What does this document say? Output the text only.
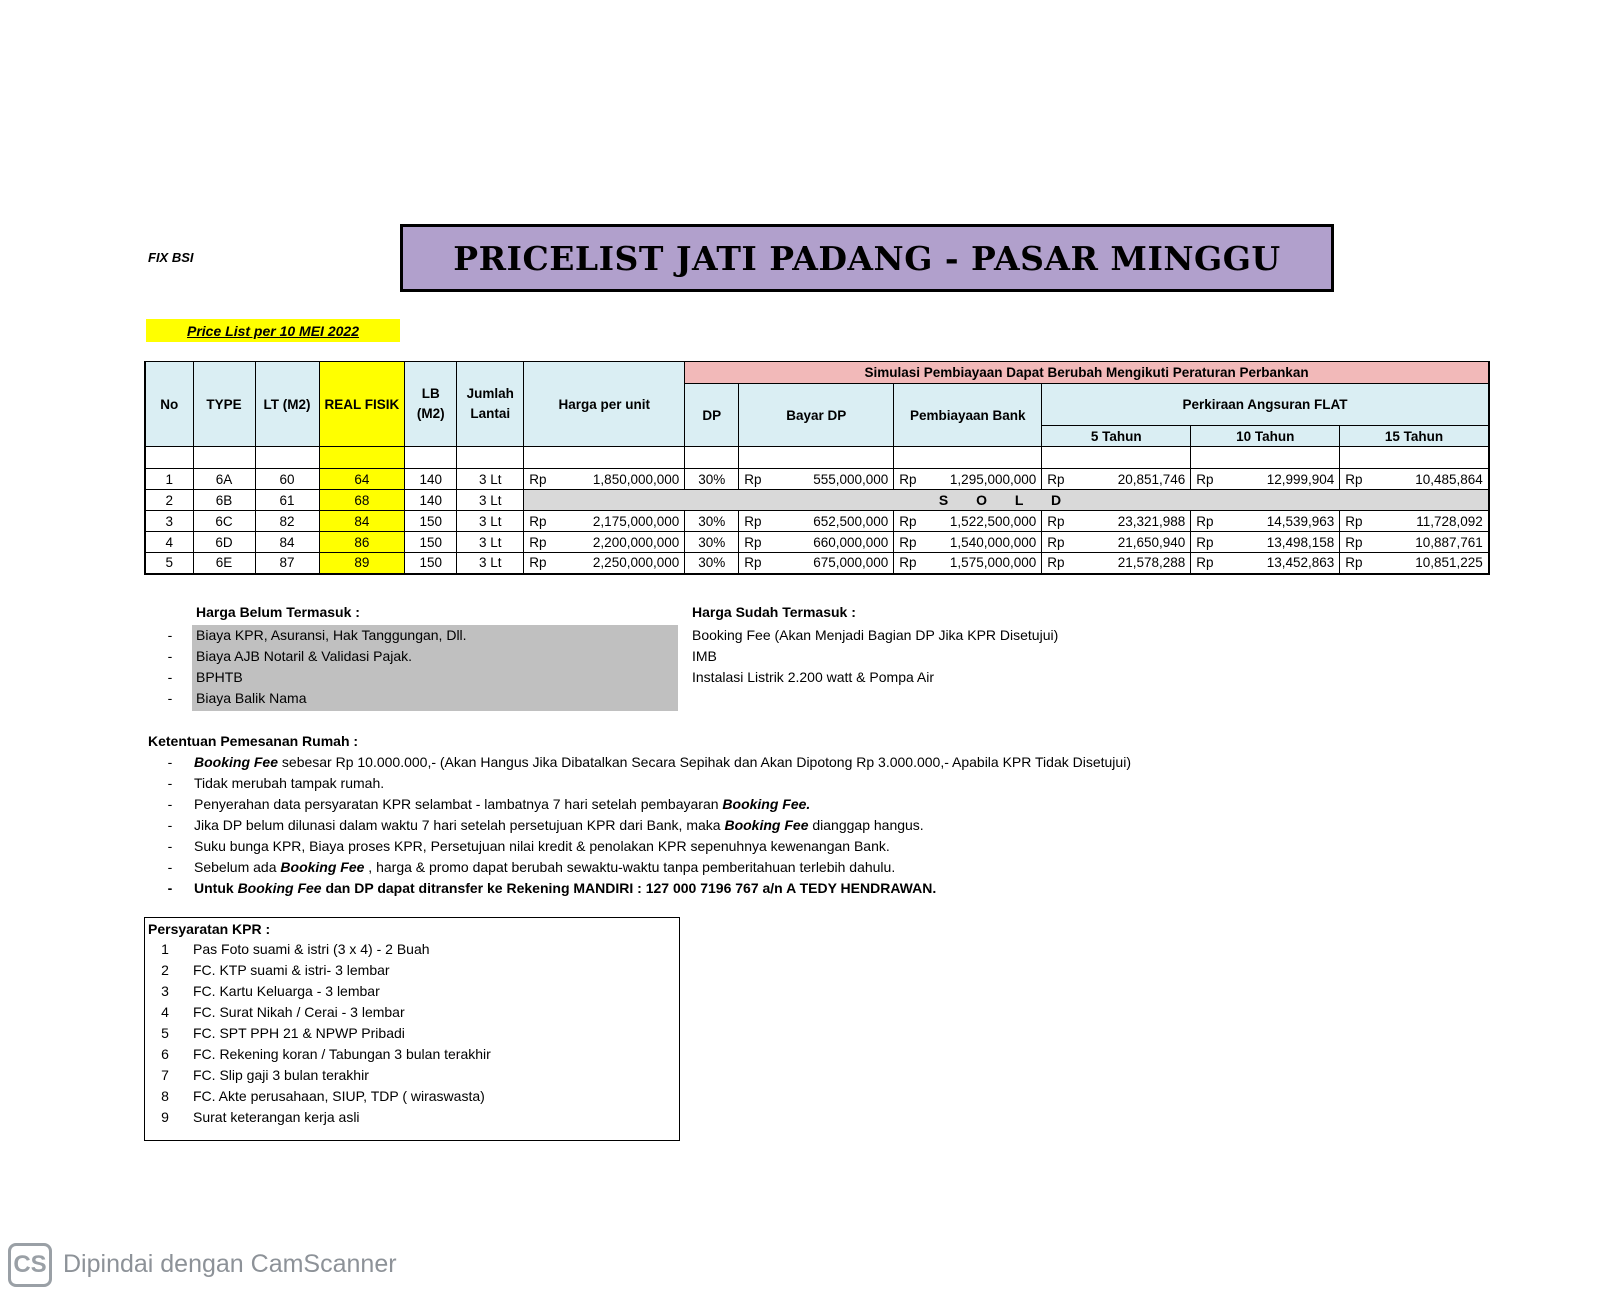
FIX BSI	PRICELIST JATI PADANG - PASAR MINGGU
Price List per 10 MEI 2022
No	TYPE	LT (M2)	REAL FISIK	LB (M2)	Jumlah Lantai	Harga per unit	Simulasi Pembiayaan Dapat Berubah Mengikuti Peraturan Perbankan					
							DP	Bayar DP	Pembiayaan Bank	Perkiraan Angsuran FLAT		
										5 Tahun	10 Tahun	15 Tahun

1	6A	60	64	140	3 Lt	Rp 1,850,000,000	30%	Rp 555,000,000	Rp 1,295,000,000	Rp 20,851,746	Rp 12,999,904	Rp 10,485,864

2	6B	61	68	140	3 Lt	S O L D						
3	6C	82	84	150	3 Lt	Rp 2,175,000,000	30%	Rp 652,500,000	Rp 1,522,500,000	Rp 23,321,988	Rp 14,539,963	Rp 11,728,092

4	6D	84	86	150	3 Lt	Rp 2,200,000,000	30%	Rp 660,000,000	Rp 1,540,000,000	Rp 21,650,940	Rp 13,498,158	Rp 10,887,761

5	6E	87	89	150	3 Lt	Rp 2,250,000,000	30%	Rp 675,000,000	Rp 1,575,000,000	Rp 21,578,288	Rp 13,452,863	Rp 10,851,225
Harga Belum Termasuk :	Harga Sudah Termasuk :
- Biaya KPR, Asuransi, Hak Tanggungan, Dll.
- Biaya AJB Notaril & Validasi Pajak.
- BPHTB
- Biaya Balik Nama
Booking Fee (Akan Menjadi Bagian DP Jika KPR Disetujui)
IMB
Instalasi Listrik 2.200 watt & Pompa Air
Ketentuan Pemesanan Rumah :
- Booking Fee sebesar Rp 10.000.000,- (Akan Hangus Jika Dibatalkan Secara Sepihak dan Akan Dipotong Rp 3.000.000,- Apabila KPR Tidak Disetujui)
- Tidak merubah tampak rumah.
- Penyerahan data persyaratan KPR selambat - lambatnya 7 hari setelah pembayaran Booking Fee.
- Jika DP belum dilunasi dalam waktu 7 hari setelah persetujuan KPR dari Bank, maka Booking Fee dianggap hangus.
- Suku bunga KPR, Biaya proses KPR, Persetujuan nilai kredit & penolakan KPR sepenuhnya kewenangan Bank.
- Sebelum ada Booking Fee , harga & promo dapat berubah sewaktu-waktu tanpa pemberitahuan terlebih dahulu.
- Untuk Booking Fee dan DP dapat ditransfer ke Rekening MANDIRI : 127 000 7196 767 a/n A TEDY HENDRAWAN.
Persyaratan KPR :
1 Pas Foto suami & istri (3 x 4) - 2 Buah
2 FC. KTP suami & istri- 3 lembar
3 FC. Kartu Keluarga - 3 lembar
4 FC. Surat Nikah / Cerai - 3 lembar
5 FC. SPT PPH 21 & NPWP Pribadi
6 FC. Rekening koran / Tabungan 3 bulan terakhir
7 FC. Slip gaji 3 bulan terakhir
8 FC. Akte perusahaan, SIUP, TDP ( wiraswasta)
9 Surat keterangan kerja asli
CS Dipindai dengan CamScanner
